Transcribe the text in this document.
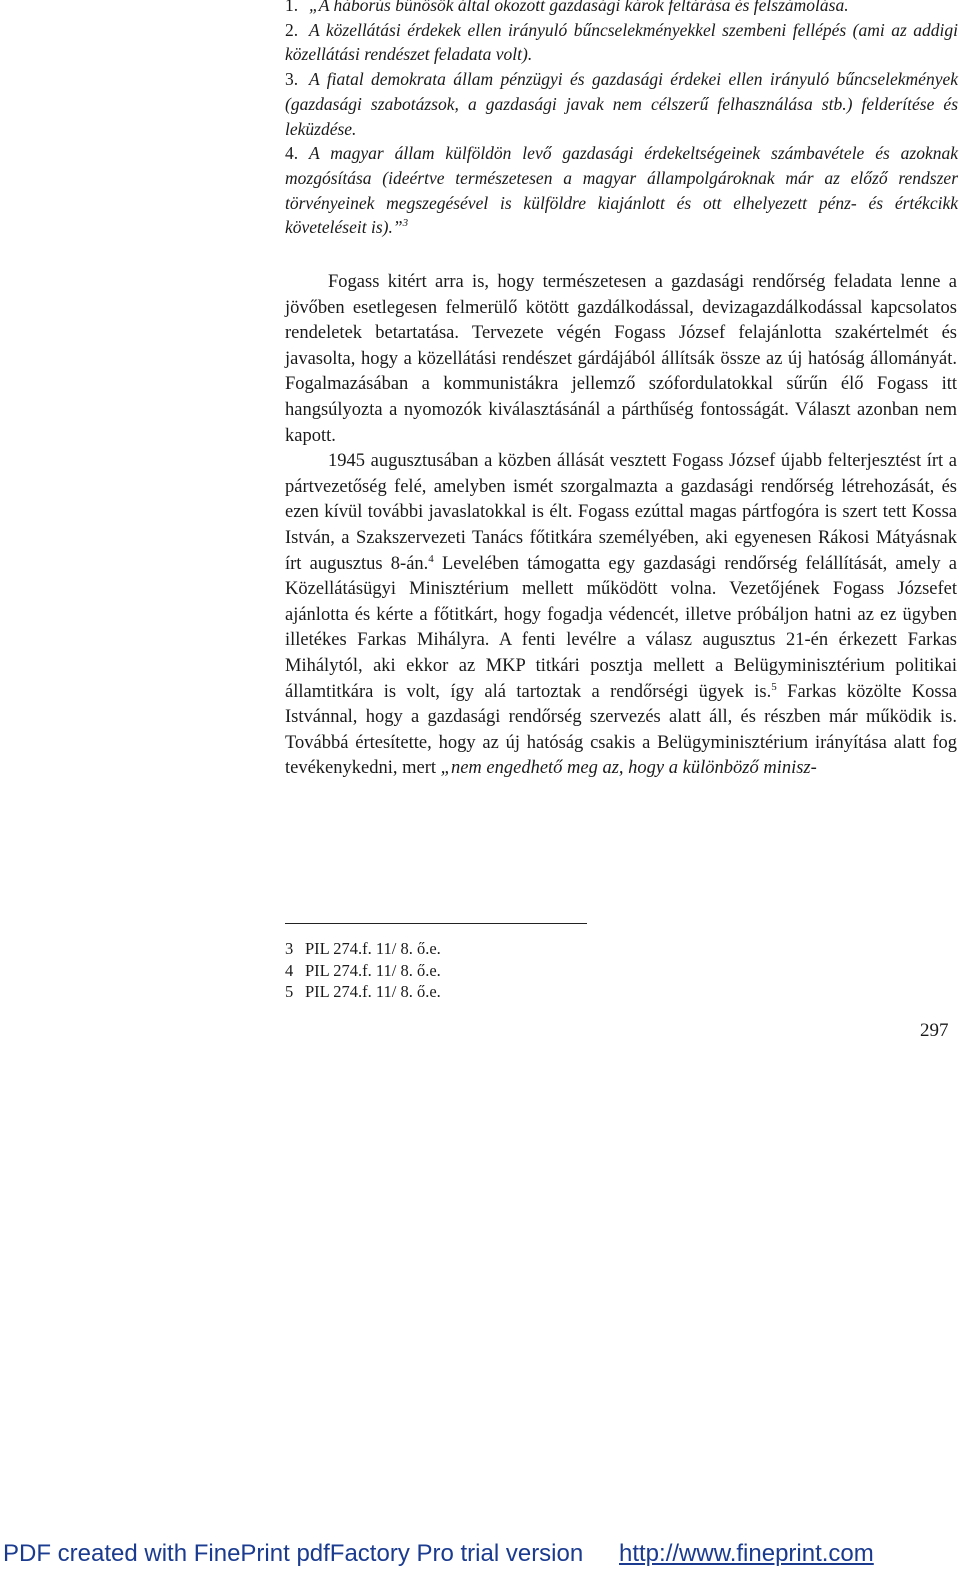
1. „A háborús bűnösök által okozott gazdasági károk feltárása és felszámolása.

2. A közellátási érdekek ellen irányuló bűncselekményekkel szembeni fellépés (ami az addigi közellátási rendészet feladata volt).

3. A fiatal demokrata állam pénzügyi és gazdasági érdekei ellen irányuló bűncselekmények (gazdasági szabotázsok, a gazdasági javak nem célszerű felhasználása stb.) felderítése és leküzdése.

4. A magyar állam külföldön levő gazdasági érdekeltségeinek számbavétele és azoknak mozgósítása (ideértve természetesen a magyar állampolgároknak már az előző rendszer törvényeinek megszegésével is külföldre kiajánlott és ott elhelyezett pénz- és értékcikk követeléseit is).”$^3$

Fogass kitért arra is, hogy természetesen a gazdasági rendőrség feladata lenne a jövőben esetlegesen felmerülő kötött gazdálkodással, devizagazdálkodással kapcsolatos rendeletek betartatása. Tervezete végén Fogass József felajánlotta szakértelmét és javasolta, hogy a közellátási rendészet gárdájából állítsák össze az új hatóság állományát. Fogalmazásában a kommunistákra jellemző szófordulatokkal sűrűn élő Fogass itt hangsúlyozta a nyomozók kiválasztásánál a párthűség fontosságát. Választ azonban nem kapott.

1945 augusztusában a közben állását vesztett Fogass József újabb felterjesztést írt a pártvezetőség felé, amelyben ismét szorgalmazta a gazdasági rendőrség létrehozását, és ezen kívül további javaslatokkal is élt. Fogass ezúttal magas pártfogóra is szert tett Kossa István, a Szakszervezeti Tanács főtitkára személyében, aki egyenesen Rákosi Mátyásnak írt augusztus 8-án.$^4$ Levelében támogatta egy gazdasági rendőrség felállítását, amely a Közellátásügyi Minisztérium mellett működött volna. Vezetőjének Fogass Józsefet ajánlotta és kérte a főtitkárt, hogy fogadja védencét, illetve próbáljon hatni az ez ügyben illetékes Farkas Mihályra. A fenti levélre a válasz augusztus 21-én érkezett Farkas Mihálytól, aki ekkor az MKP titkári posztja mellett a Belügyminisztérium politikai államtitkára is volt, így alá tartoztak a rendőrségi ügyek is.$^5$ Farkas közölte Kossa Istvánnal, hogy a gazdasági rendőrség szervezés alatt áll, és részben már működik is. Továbbá értesítette, hogy az új hatóság csakis a Belügyminisztérium irányítása alatt fog tevékenykedni, mert „nem engedhető meg az, hogy a különböző minisz-

3 PIL 274.f. 11/ 8. ő.e.

4 PIL 274.f. 11/ 8. ő.e.

5 PIL 274.f. 11/ 8. ő.e.

297
PDF created with FinePrint pdfFactory Pro trial version http://www.fineprint.com
